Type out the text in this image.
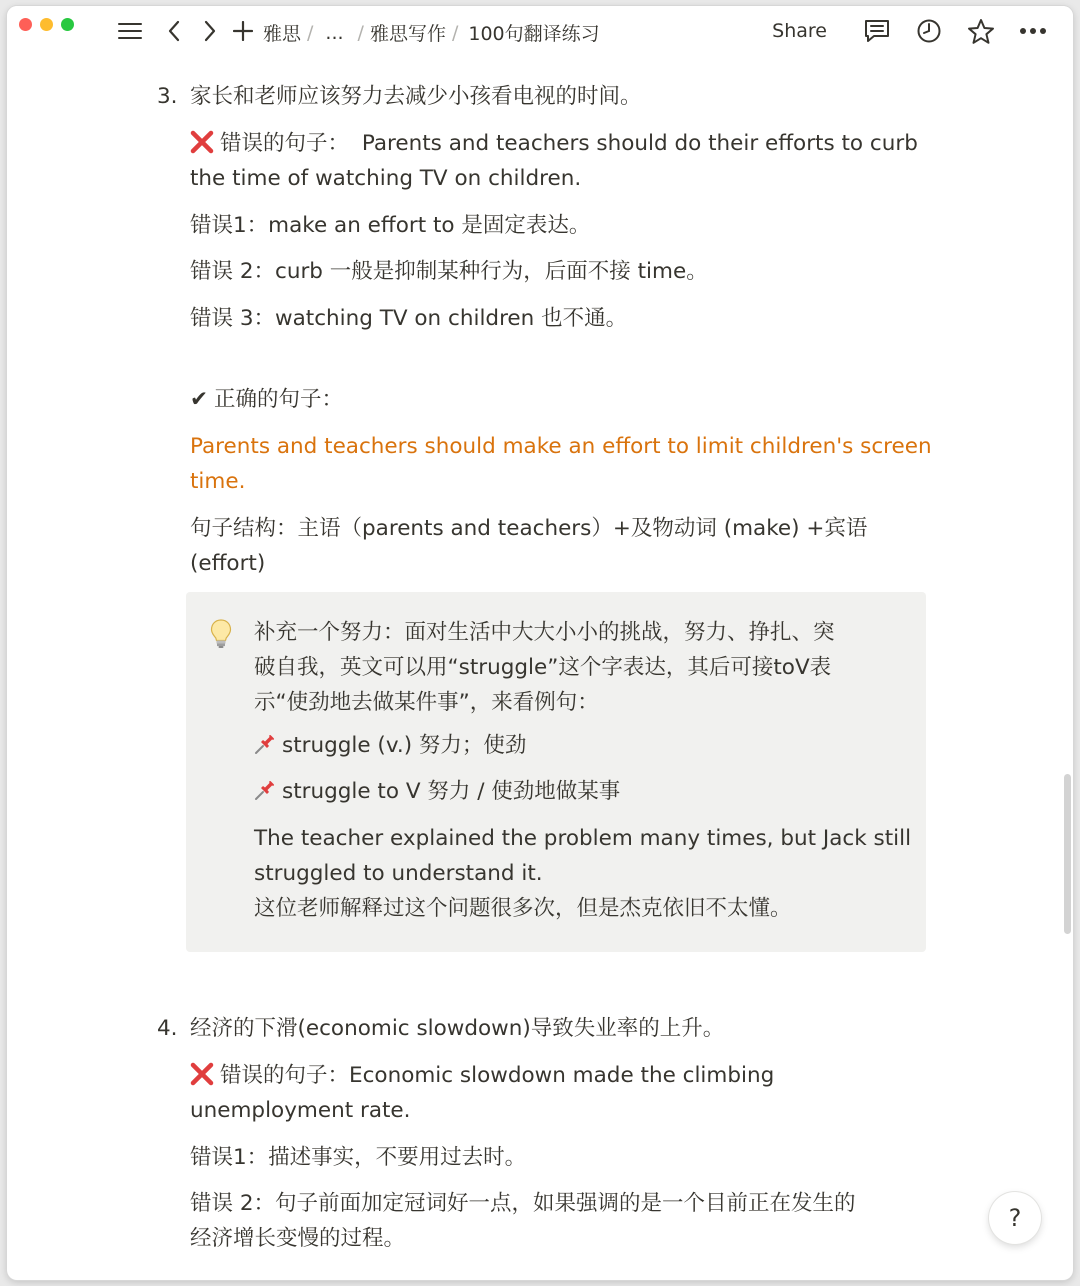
雅思 / ... / 雅思写作 / 100句翻译练习	Share
3. 家长和老师应该努力去减少小孩看电视的时间。
错误的句子： Parents and teachers should do their efforts to curb
the time of watching TV on children.
错误1：make an effort to 是固定表达。
错误 2：curb 一般是抑制某种行为，后面不接 time。
错误 3：watching TV on children 也不通。
✔ 正确的句子：
Parents and teachers should make an effort to limit children's screen
time.
句子结构：主语（parents and teachers）+及物动词 (make) +宾语
(effort)
补充一个努力：面对生活中大大小小的挑战，努力、挣扎、突
破自我，英文可以用“struggle”这个字表达，其后可接toV表
示“使劲地去做某件事”，来看例句：
struggle (v.) 努力；使劲
struggle to V 努力 / 使劲地做某事
The teacher explained the problem many times, but Jack still
struggled to understand it.
这位老师解释过这个问题很多次，但是杰克依旧不太懂。
4. 经济的下滑(economic slowdown)导致失业率的上升。
错误的句子：Economic slowdown made the climbing
unemployment rate.
错误1：描述事实，不要用过去时。
错误 2：句子前面加定冠词好一点，如果强调的是一个目前正在发生的
经济增长变慢的过程。
?
